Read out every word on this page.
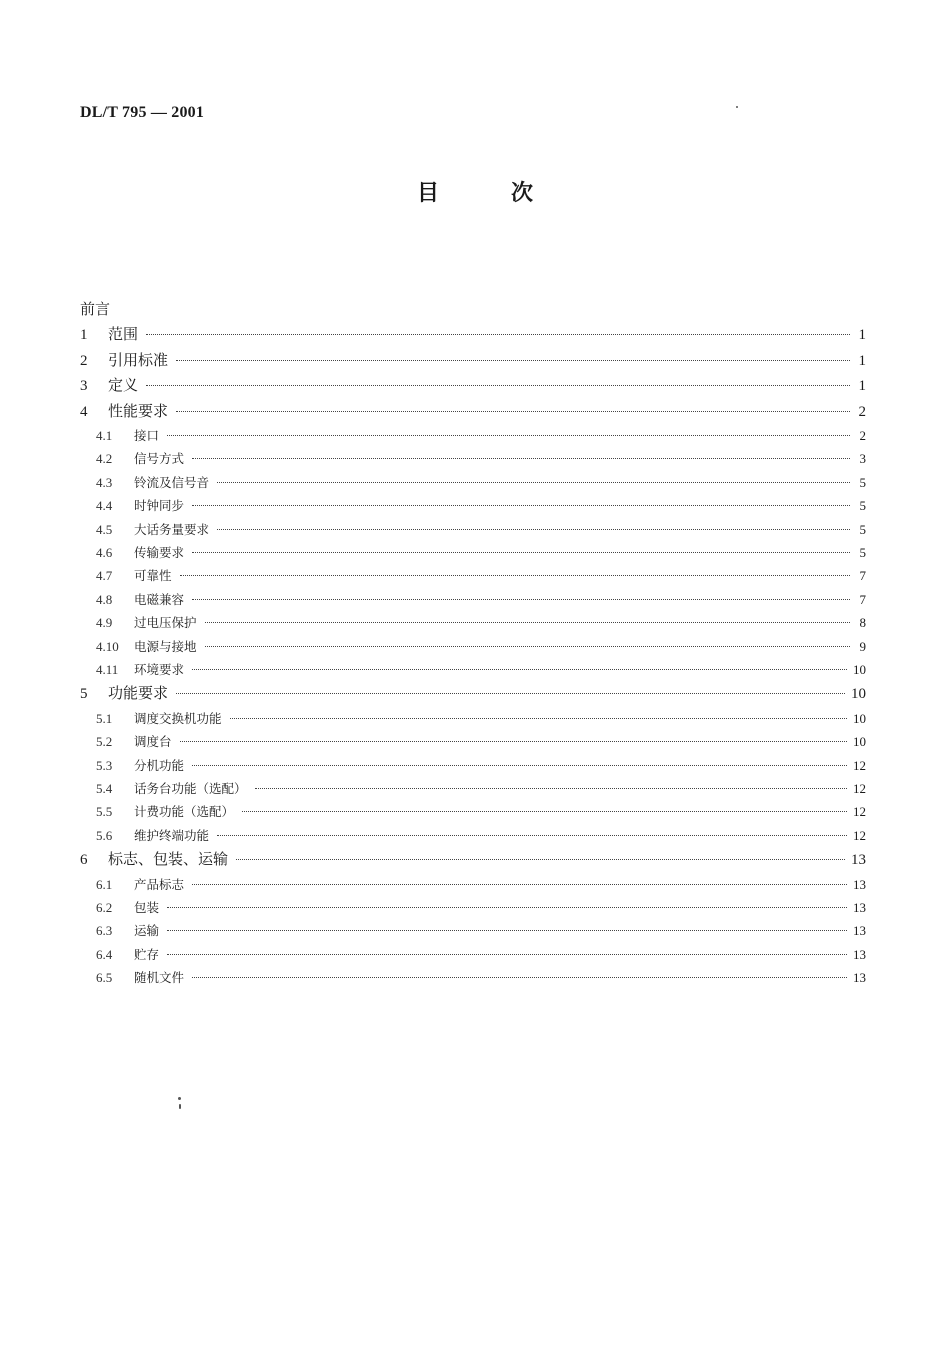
DL/T 795 — 2001
目	次
前言
1	范围	1
2	引用标准	1
3	定义	1
4	性能要求	2
4.1	接口	2
4.2	信号方式	3
4.3	铃流及信号音	5
4.4	时钟同步	5
4.5	大话务量要求	5
4.6	传输要求	5
4.7	可靠性	7
4.8	电磁兼容	7
4.9	过电压保护	8
4.10	电源与接地	9
4.11	环境要求	10
5	功能要求	10
5.1	调度交换机功能	10
5.2	调度台	10
5.3	分机功能	12
5.4	话务台功能（选配）	12
5.5	计费功能（选配）	12
5.6	维护终端功能	12
6	标志、包装、运输	13
6.1	产品标志	13
6.2	包装	13
6.3	运输	13
6.4	贮存	13
6.5	随机文件	13
